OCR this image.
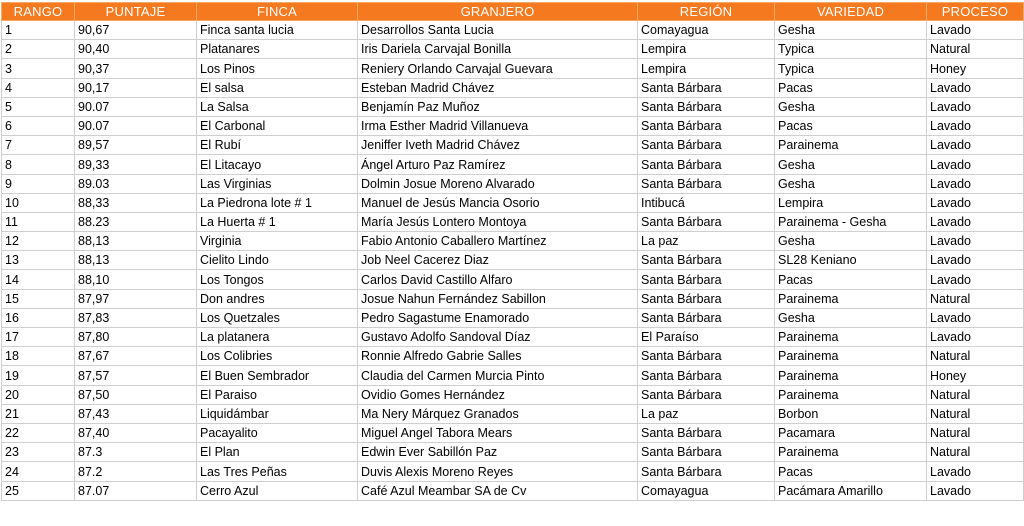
RANGO	PUNTAJE	FINCA	GRANJERO	REGIÓN	VARIEDAD	PROCESO
1	90,67	Finca santa lucia	Desarrollos Santa Lucia	Comayagua	Gesha	Lavado
2	90,40	Platanares	Iris Dariela Carvajal Bonilla	Lempira	Typica	Natural
3	90,37	Los Pinos	Reniery Orlando Carvajal Guevara	Lempira	Typica	Honey
4	90,17	El salsa	Esteban Madrid Chávez	Santa Bárbara	Pacas	Lavado
5	90.07	La Salsa	Benjamín Paz Muñoz	Santa Bárbara	Gesha	Lavado
6	90.07	El Carbonal	Irma Esther Madrid Villanueva	Santa Bárbara	Pacas	Lavado
7	89,57	El Rubí	Jeniffer Iveth Madrid Chávez	Santa Bárbara	Parainema	Lavado
8	89,33	El Litacayo	Ángel Arturo Paz Ramírez	Santa Bárbara	Gesha	Lavado
9	89.03	Las Virginias	Dolmin Josue Moreno Alvarado	Santa Bárbara	Gesha	Lavado
10	88,33	La Piedrona lote # 1	Manuel de Jesús Mancia Osorio	Intibucá	Lempira	Lavado
11	88.23	La Huerta # 1	María Jesús Lontero Montoya	Santa Bárbara	Parainema - Gesha	Lavado
12	88,13	Virginia	Fabio Antonio Caballero Martínez	La paz	Gesha	Lavado
13	88,13	Cielito Lindo	Job Neel Cacerez Diaz	Santa Bárbara	SL28 Keniano	Lavado
14	88,10	Los Tongos	Carlos David Castillo Alfaro	Santa Bárbara	Pacas	Lavado
15	87,97	Don andres	Josue Nahun Fernández Sabillon	Santa Bárbara	Parainema	Natural
16	87,83	Los Quetzales	Pedro Sagastume Enamorado	Santa Bárbara	Gesha	Lavado
17	87,80	La platanera	Gustavo Adolfo Sandoval Díaz	El Paraíso	Parainema	Lavado
18	87,67	Los Colibries	Ronnie Alfredo Gabrie Salles	Santa Bárbara	Parainema	Natural
19	87,57	El Buen Sembrador	Claudia del Carmen Murcia Pinto	Santa Bárbara	Parainema	Honey
20	87,50	El Paraiso	Ovidio Gomes Hernández	Santa Bárbara	Parainema	Natural
21	87,43	Liquidámbar	Ma Nery Márquez Granados	La paz	Borbon	Natural
22	87,40	Pacayalito	Miguel Angel Tabora Mears	Santa Bárbara	Pacamara	Natural
23	87.3	El Plan	Edwin Ever Sabillón Paz	Santa Bárbara	Parainema	Natural
24	87.2	Las Tres Peñas	Duvis Alexis Moreno Reyes	Santa Bárbara	Pacas	Lavado
25	87.07	Cerro Azul	Café Azul Meambar SA de Cv	Comayagua	Pacámara Amarillo	Lavado
